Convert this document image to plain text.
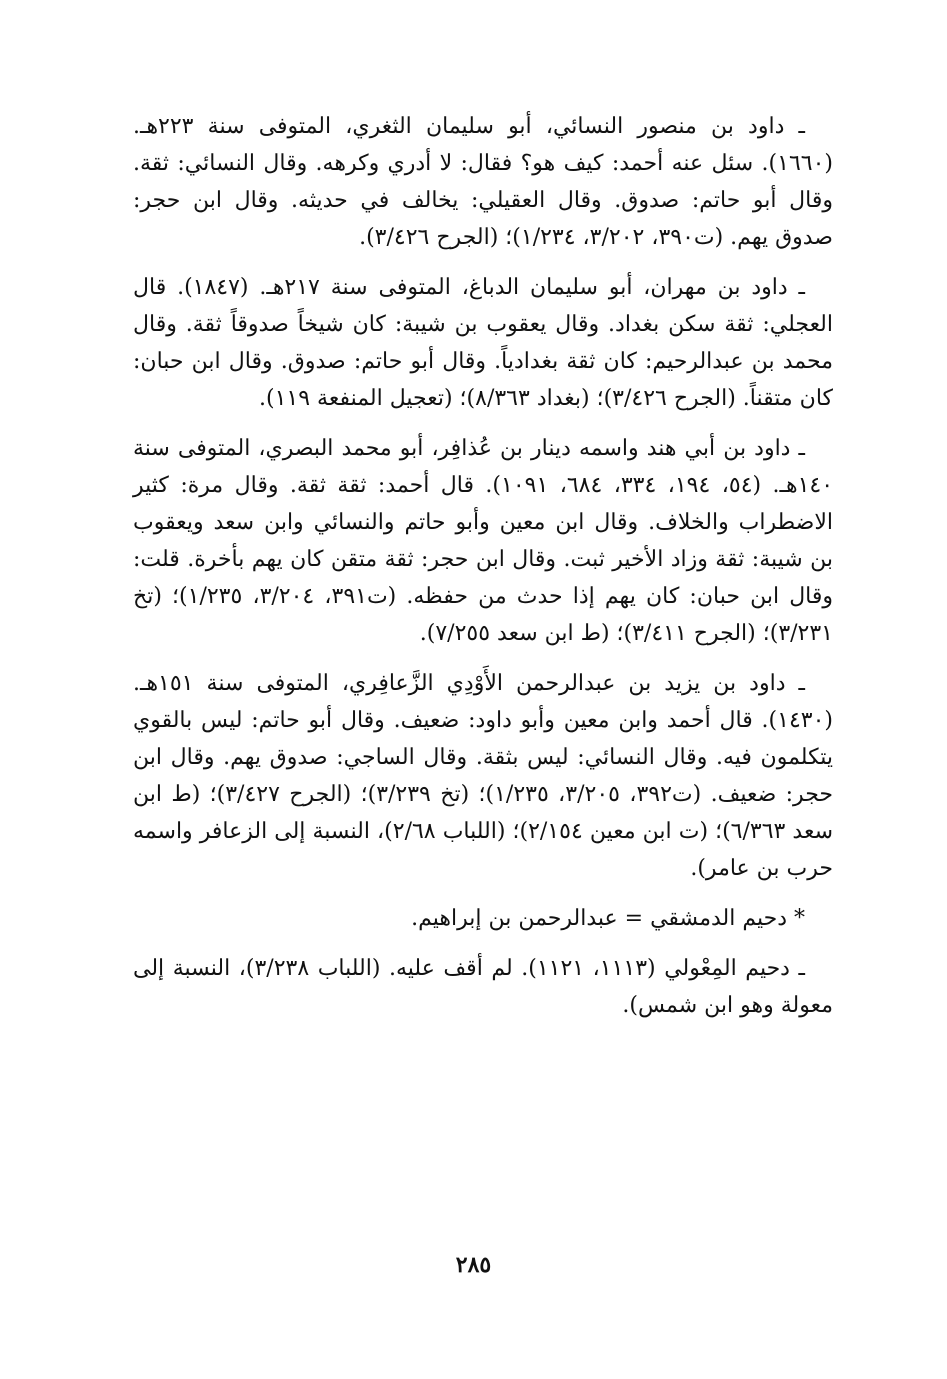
ـ داود بن منصور النسائي، أبو سليمان الثغري، المتوفى سنة ٢٢٣هـ. (١٦٦٠). سئل عنه أحمد: كيف هو؟ فقال: لا أدري وكرهه. وقال النسائي: ثقة. وقال أبو حاتم: صدوق. وقال العقيلي: يخالف في حديثه. وقال ابن حجر: صدوق يهم. (ت٣٩٠، ٣/٢٠٢، ١/٢٣٤)؛ (الجرح ٣/٤٢٦).

ـ داود بن مهران، أبو سليمان الدباغ، المتوفى سنة ٢١٧هـ. (١٨٤٧). قال العجلي: ثقة سكن بغداد. وقال يعقوب بن شيبة: كان شيخاً صدوقاً ثقة. وقال محمد بن عبدالرحيم: كان ثقة بغدادياً. وقال أبو حاتم: صدوق. وقال ابن حبان: كان متقناً. (الجرح ٣/٤٢٦)؛ (بغداد ٨/٣٦٣)؛ (تعجيل المنفعة ١١٩).

ـ داود بن أبي هند واسمه دينار بن عُذافِر، أبو محمد البصري، المتوفى سنة ١٤٠هـ. (٥٤، ١٩٤، ٣٣٤، ٦٨٤، ١٠٩١). قال أحمد: ثقة ثقة. وقال مرة: كثير الاضطراب والخلاف. وقال ابن معين وأبو حاتم والنسائي وابن سعد ويعقوب بن شيبة: ثقة وزاد الأخير ثبت. وقال ابن حجر: ثقة متقن كان يهم بأخرة. قلت: وقال ابن حبان: كان يهم إذا حدث من حفظه. (ت٣٩١، ٣/٢٠٤، ١/٢٣٥)؛ (تخ ٣/٢٣١)؛ (الجرح ٣/٤١١)؛ (ط ابن سعد ٧/٢٥٥).

ـ داود بن يزيد بن عبدالرحمن الأَوْدِي الزَّعافِري، المتوفى سنة ١٥١هـ. (١٤٣٠). قال أحمد وابن معين وأبو داود: ضعيف. وقال أبو حاتم: ليس بالقوي يتكلمون فيه. وقال النسائي: ليس بثقة. وقال الساجي: صدوق يهم. وقال ابن حجر: ضعيف. (ت٣٩٢، ٣/٢٠٥، ١/٢٣٥)؛ (تخ ٣/٢٣٩)؛ (الجرح ٣/٤٢٧)؛ (ط ابن سعد ٦/٣٦٣)؛ (ت ابن معين ٢/١٥٤)؛ (اللباب ٢/٦٨)، النسبة إلى الزعافر واسمه حرب بن عامر).

* دحيم الدمشقي = عبدالرحمن بن إبراهيم.

ـ دحيم المِعْولي (١١١٣، ١١٢١). لم أقف عليه. (اللباب ٣/٢٣٨)، النسبة إلى معولة وهو ابن شمس).

٢٨٥
